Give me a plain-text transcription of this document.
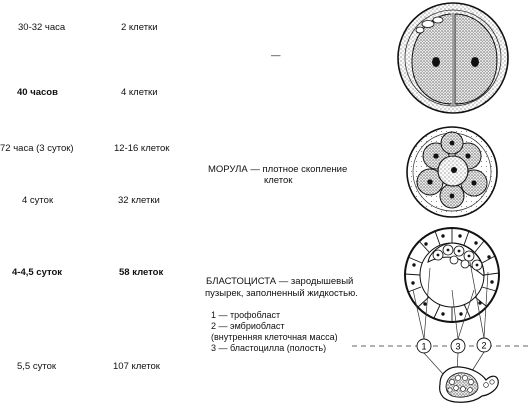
30-32 часа	2 клетки
40 часов	4 клетки
72 часа (3 суток)	12-16 клеток
4 суток	32 клетки
4-4,5 суток	58 клеток
5,5 суток	107 клеток
—
МОРУЛА — плотное скопление
клеток
БЛАСТОЦИСТА — зародышевый
пузырек, заполненный жидкостью.
1 — трофобласт
2 — эмбриобласт
(внутренняя клеточная масса)
3 — бластоцилла (полость)	1	3 2
